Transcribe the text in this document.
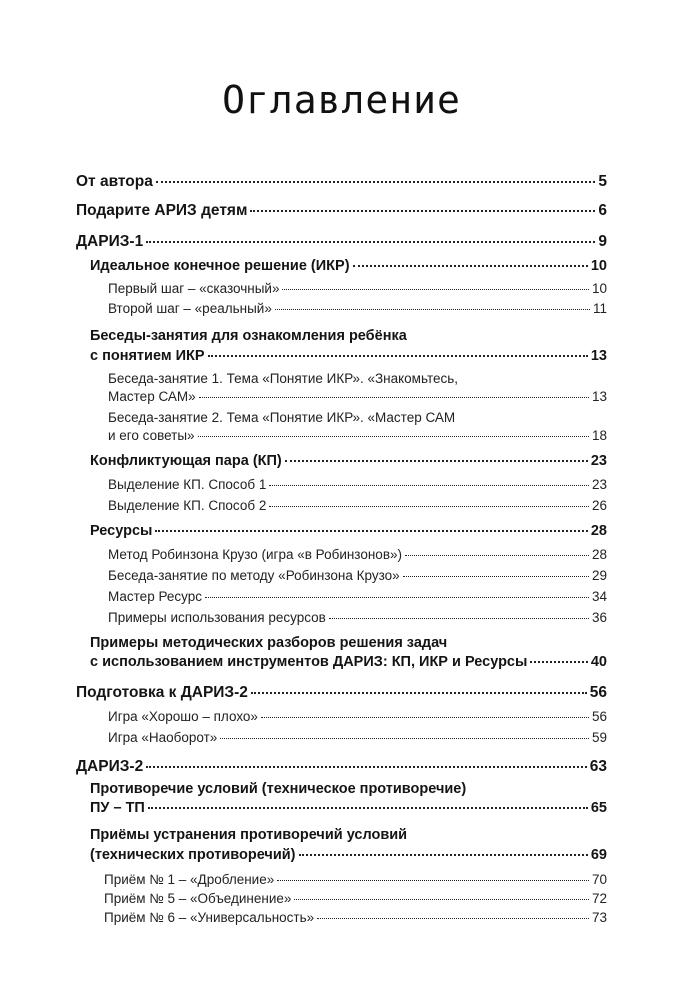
Оглавление
От автора	5
Подарите АРИЗ детям	6
ДАРИЗ-1	9
Идеальное конечное решение (ИКР)	10
Первый шаг – «сказочный»	10
Второй шаг – «реальный»	11
Беседы-занятия для ознакомления ребёнка
с понятием ИКР	13
Беседа-занятие 1. Тема «Понятие ИКР». «Знакомьтесь,
Мастер САМ»	13
Беседа-занятие 2. Тема «Понятие ИКР». «Мастер САМ
и его советы»	18
Конфликтующая пара (КП)	23
Выделение КП. Способ 1	23
Выделение КП. Способ 2	26
Ресурсы	28
Метод Робинзона Крузо (игра «в Робинзонов»)	28
Беседа-занятие по методу «Робинзона Крузо»	29
Мастер Ресурс	34
Примеры использования ресурсов	36
Примеры методических разборов решения задач
с использованием инструментов ДАРИЗ: КП, ИКР и Ресурсы	40
Подготовка к ДАРИЗ-2	56
Игра «Хорошо – плохо»	56
Игра «Наоборот»	59
ДАРИЗ-2	63
Противоречие условий (техническое противоречие)
ПУ – ТП	65
Приёмы устранения противоречий условий
(технических противоречий)	69
Приём № 1 – «Дробление»	70
Приём № 5 – «Объединение»	72
Приём № 6 – «Универсальность»	73
